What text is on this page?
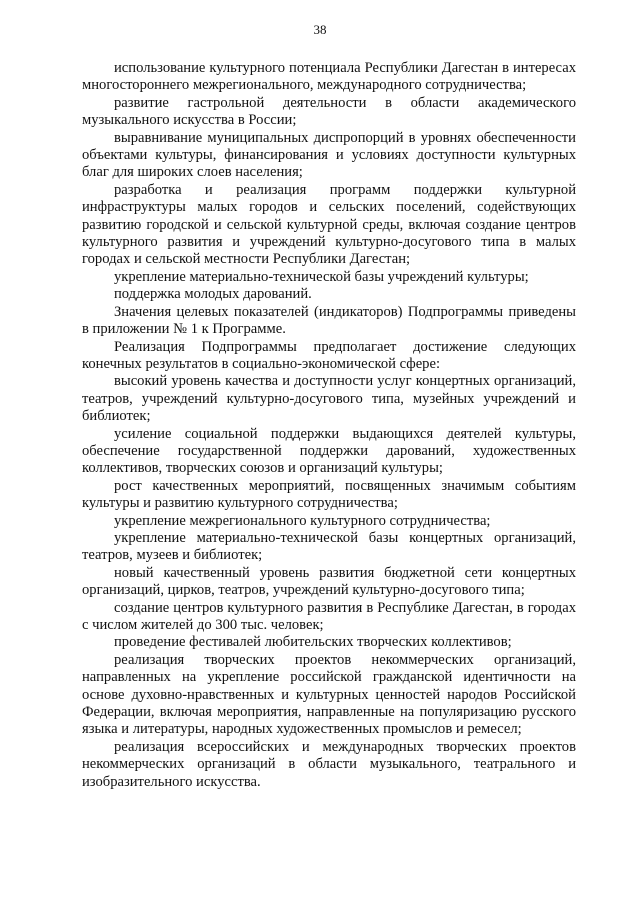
38

использование культурного потенциала Республики Дагестан в интересах многостороннего межрегионального, международного сотрудничества;

развитие гастрольной деятельности в области академического музыкального искусства в России;

выравнивание муниципальных диспропорций в уровнях обеспеченности объектами культуры, финансирования и условиях доступности культурных благ для широких слоев населения;

разработка и реализация программ поддержки культурной инфраструктуры малых городов и сельских поселений, содействующих развитию городской и сельской культурной среды, включая создание центров культурного развития и учреждений культурно-досугового типа в малых городах и сельской местности Республики Дагестан;

укрепление материально-технической базы учреждений культуры;

поддержка молодых дарований.

Значения целевых показателей (индикаторов) Подпрограммы приведены в приложении № 1 к Программе.

Реализация Подпрограммы предполагает достижение следующих конечных результатов в социально-экономической сфере:

высокий уровень качества и доступности услуг концертных организаций, театров, учреждений культурно-досугового типа, музейных учреждений и библиотек;

усиление социальной поддержки выдающихся деятелей культуры, обеспечение государственной поддержки дарований, художественных коллективов, творческих союзов и организаций культуры;

рост качественных мероприятий, посвященных значимым событиям культуры и развитию культурного сотрудничества;

укрепление межрегионального культурного сотрудничества;

укрепление материально-технической базы концертных организаций, театров, музеев и библиотек;

новый качественный уровень развития бюджетной сети концертных организаций, цирков, театров, учреждений культурно-досугового типа;

создание центров культурного развития в Республике Дагестан, в городах с числом жителей до 300 тыс. человек;

проведение фестивалей любительских творческих коллективов;

реализация творческих проектов некоммерческих организаций, направленных на укрепление российской гражданской идентичности на основе духовно-нравственных и культурных ценностей народов Российской Федерации, включая мероприятия, направленные на популяризацию русского языка и литературы, народных художественных промыслов и ремесел;

реализация всероссийских и международных творческих проектов некоммерческих организаций в области музыкального, театрального и изобразительного искусства.
